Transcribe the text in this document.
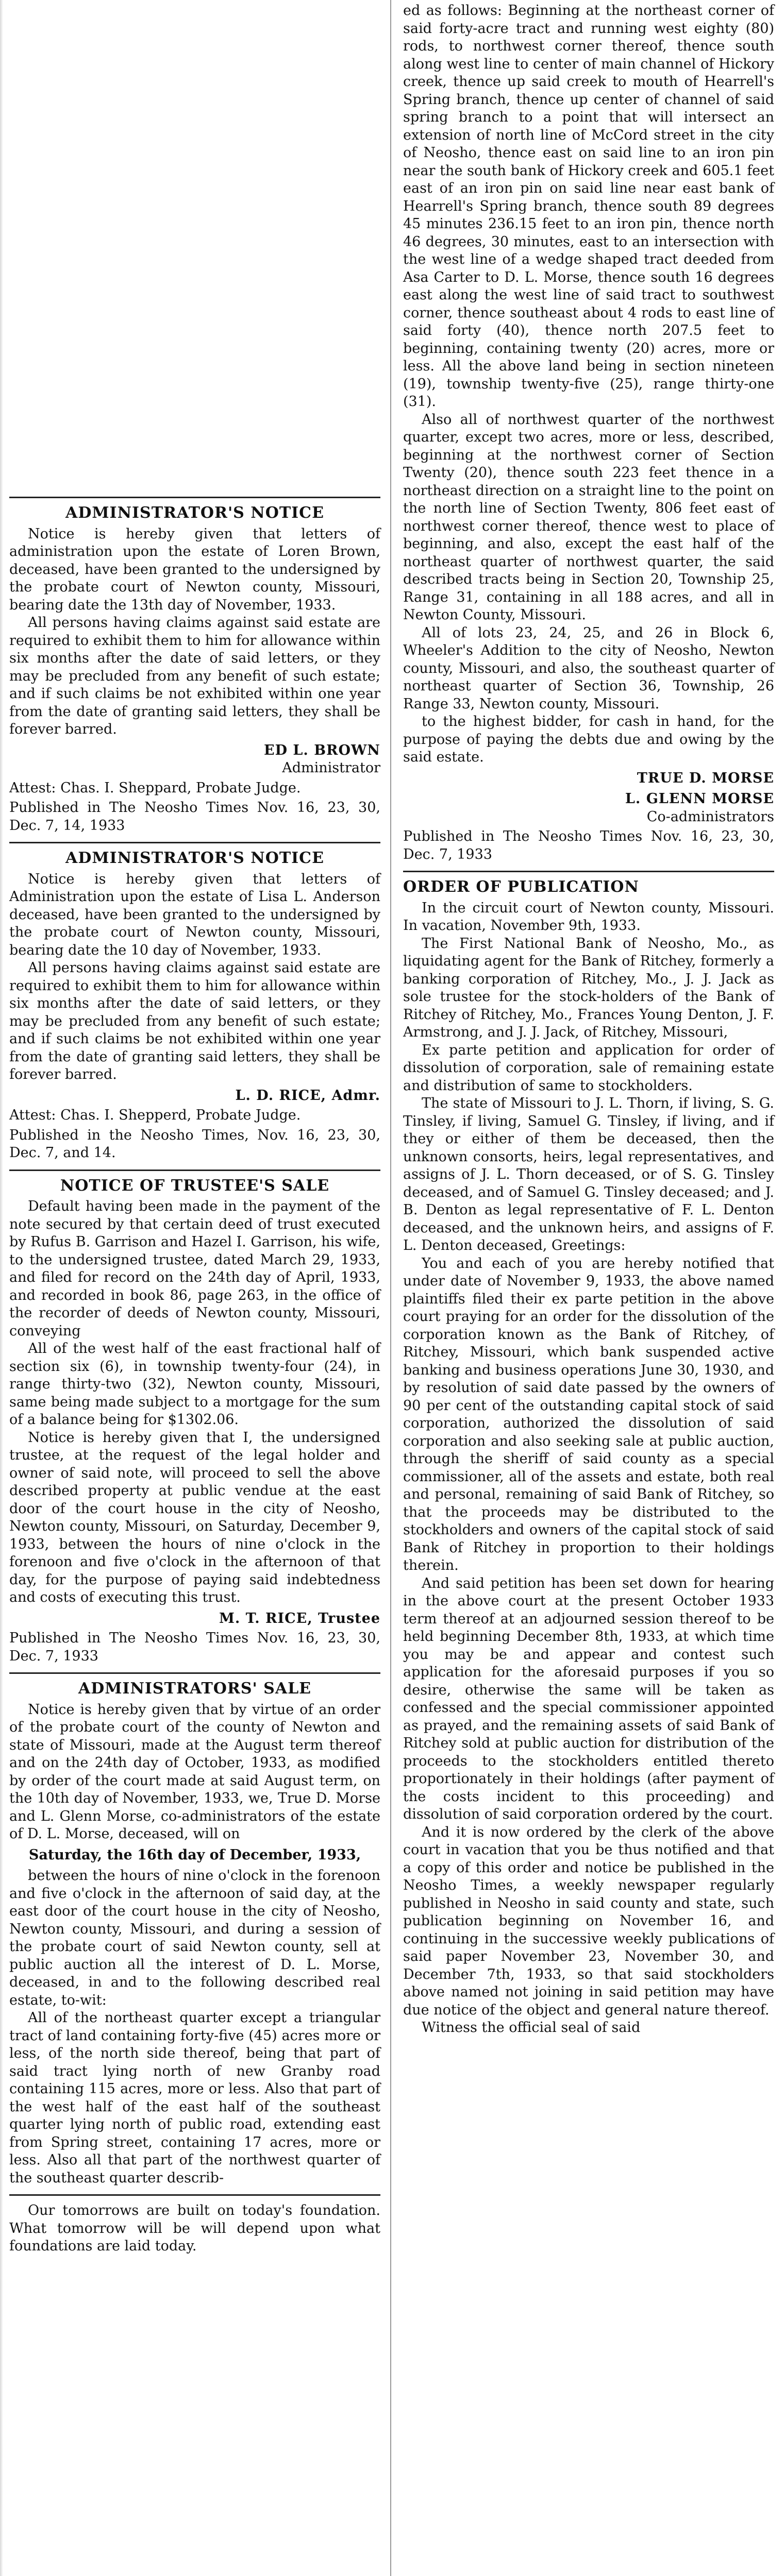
ADMINISTRATOR'S NOTICE

Notice is hereby given that letters of administration upon the estate of Loren Brown, deceased, have been granted to the undersigned by the probate court of Newton county, Missouri, bearing date the 13th day of November, 1933.

All persons having claims against said estate are required to exhibit them to him for allowance within six months after the date of said letters, or they may be precluded from any benefit of such estate; and if such claims be not exhibited within one year from the date of granting said letters, they shall be forever barred.

ED L. BROWN
Administrator

Attest: Chas. I. Sheppard, Probate Judge.

Published in The Neosho Times Nov. 16, 23, 30, Dec. 7, 14, 1933

ADMINISTRATOR'S NOTICE

Notice is hereby given that letters of Administration upon the estate of Lisa L. Anderson deceased, have been granted to the undersigned by the probate court of Newton county, Missouri, bearing date the 10 day of November, 1933.

All persons having claims against said estate are required to exhibit them to him for allowance within six months after the date of said letters, or they may be precluded from any benefit of such estate; and if such claims be not exhibited within one year from the date of granting said letters, they shall be forever barred.

L. D. RICE, Admr.

Attest: Chas. I. Shepperd, Probate Judge.

Published in the Neosho Times, Nov. 16, 23, 30, Dec. 7, and 14.

NOTICE OF TRUSTEE'S SALE

Default having been made in the payment of the note secured by that certain deed of trust executed by Rufus B. Garrison and Hazel I. Garrison, his wife, to the undersigned trustee, dated March 29, 1933, and filed for record on the 24th day of April, 1933, and recorded in book 86, page 263, in the office of the recorder of deeds of Newton county, Missouri, conveying

All of the west half of the east fractional half of section six (6), in township twenty-four (24), in range thirty-two (32), Newton county, Missouri, same being made subject to a mortgage for the sum of a balance being for $1302.06.

Notice is hereby given that I, the undersigned trustee, at the request of the legal holder and owner of said note, will proceed to sell the above described property at public vendue at the east door of the court house in the city of Neosho, Newton county, Missouri, on Saturday, December 9, 1933, between the hours of nine o'clock in the forenoon and five o'clock in the afternoon of that day, for the purpose of paying said indebtedness and costs of executing this trust.

M. T. RICE, Trustee

Published in The Neosho Times Nov. 16, 23, 30, Dec. 7, 1933

ADMINISTRATORS' SALE

Notice is hereby given that by virtue of an order of the probate court of the county of Newton and state of Missouri, made at the August term thereof and on the 24th day of October, 1933, as modified by order of the court made at said August term, on the 10th day of November, 1933, we, True D. Morse and L. Glenn Morse, co-administrators of the estate of D. L. Morse, deceased, will on

Saturday, the 16th day of December, 1933,

between the hours of nine o'clock in the forenoon and five o'clock in the afternoon of said day, at the east door of the court house in the city of Neosho, Newton county, Missouri, and during a session of the probate court of said Newton county, sell at public auction all the interest of D. L. Morse, deceased, in and to the following described real estate, to-wit:

All of the northeast quarter except a triangular tract of land containing forty-five (45) acres more or less, of the north side thereof, being that part of said tract lying north of new Granby road containing 115 acres, more or less. Also that part of the west half of the east half of the southeast quarter lying north of public road, extending east from Spring street, containing 17 acres, more or less. Also all that part of the northwest quarter of the southeast quarter describ-

Our tomorrows are built on today's foundation. What tomorrow will be will depend upon what foundations are laid today.

ed as follows: Beginning at the northeast corner of said forty-acre tract and running west eighty (80) rods, to northwest corner thereof, thence south along west line to center of main channel of Hickory creek, thence up said creek to mouth of Hearrell's Spring branch, thence up center of channel of said spring branch to a point that will intersect an extension of north line of McCord street in the city of Neosho, thence east on said line to an iron pin near the south bank of Hickory creek and 605.1 feet east of an iron pin on said line near east bank of Hearrell's Spring branch, thence south 89 degrees 45 minutes 236.15 feet to an iron pin, thence north 46 degrees, 30 minutes, east to an intersection with the west line of a wedge shaped tract deeded from Asa Carter to D. L. Morse, thence south 16 degrees east along the west line of said tract to southwest corner, thence southeast about 4 rods to east line of said forty (40), thence north 207.5 feet to beginning, containing twenty (20) acres, more or less. All the above land being in section nineteen (19), township twenty-five (25), range thirty-one (31).

Also all of northwest quarter of the northwest quarter, except two acres, more or less, described, beginning at the northwest corner of Section Twenty (20), thence south 223 feet thence in a northeast direction on a straight line to the point on the north line of Section Twenty, 806 feet east of northwest corner thereof, thence west to place of beginning, and also, except the east half of the northeast quarter of northwest quarter, the said described tracts being in Section 20, Township 25, Range 31, containing in all 188 acres, and all in Newton County, Missouri.

All of lots 23, 24, 25, and 26 in Block 6, Wheeler's Addition to the city of Neosho, Newton county, Missouri, and also, the southeast quarter of northeast quarter of Section 36, Township, 26 Range 33, Newton county, Missouri.

to the highest bidder, for cash in hand, for the purpose of paying the debts due and owing by the said estate.

TRUE D. MORSE
L. GLENN MORSE
Co-administrators

Published in The Neosho Times Nov. 16, 23, 30, Dec. 7, 1933

ORDER OF PUBLICATION

In the circuit court of Newton county, Missouri. In vacation, November 9th, 1933.

The First National Bank of Neosho, Mo., as liquidating agent for the Bank of Ritchey, formerly a banking corporation of Ritchey, Mo., J. J. Jack as sole trustee for the stock-holders of the Bank of Ritchey of Ritchey, Mo., Frances Young Denton, J. F. Armstrong, and J. J. Jack, of Ritchey, Missouri,

Ex parte petition and application for order of dissolution of corporation, sale of remaining estate and distribution of same to stockholders.

The state of Missouri to J. L. Thorn, if living, S. G. Tinsley, if living, Samuel G. Tinsley, if living, and if they or either of them be deceased, then the unknown consorts, heirs, legal representatives, and assigns of J. L. Thorn deceased, or of S. G. Tinsley deceased, and of Samuel G. Tinsley deceased; and J. B. Denton as legal representative of F. L. Denton deceased, and the unknown heirs, and assigns of F. L. Denton deceased, Greetings:

You and each of you are hereby notified that under date of November 9, 1933, the above named plaintiffs filed their ex parte petition in the above court praying for an order for the dissolution of the corporation known as the Bank of Ritchey, of Ritchey, Missouri, which bank suspended active banking and business operations June 30, 1930, and by resolution of said date passed by the owners of 90 per cent of the outstanding capital stock of said corporation, authorized the dissolution of said corporation and also seeking sale at public auction, through the sheriff of said county as a special commissioner, all of the assets and estate, both real and personal, remaining of said Bank of Ritchey, so that the proceeds may be distributed to the stockholders and owners of the capital stock of said Bank of Ritchey in proportion to their holdings therein.

And said petition has been set down for hearing in the above court at the present October 1933 term thereof at an adjourned session thereof to be held beginning December 8th, 1933, at which time you may be and appear and contest such application for the aforesaid purposes if you so desire, otherwise the same will be taken as confessed and the special commissioner appointed as prayed, and the remaining assets of said Bank of Ritchey sold at public auction for distribution of the proceeds to the stockholders entitled thereto proportionately in their holdings (after payment of the costs incident to this proceeding) and dissolution of said corporation ordered by the court.

And it is now ordered by the clerk of the above court in vacation that you be thus notified and that a copy of this order and notice be published in the Neosho Times, a weekly newspaper regularly published in Neosho in said county and state, such publication beginning on November 16, and continuing in the successive weekly publications of said paper November 23, November 30, and December 7th, 1933, so that said stockholders above named not joining in said petition may have due notice of the object and general nature thereof.

Witness the official seal of said
